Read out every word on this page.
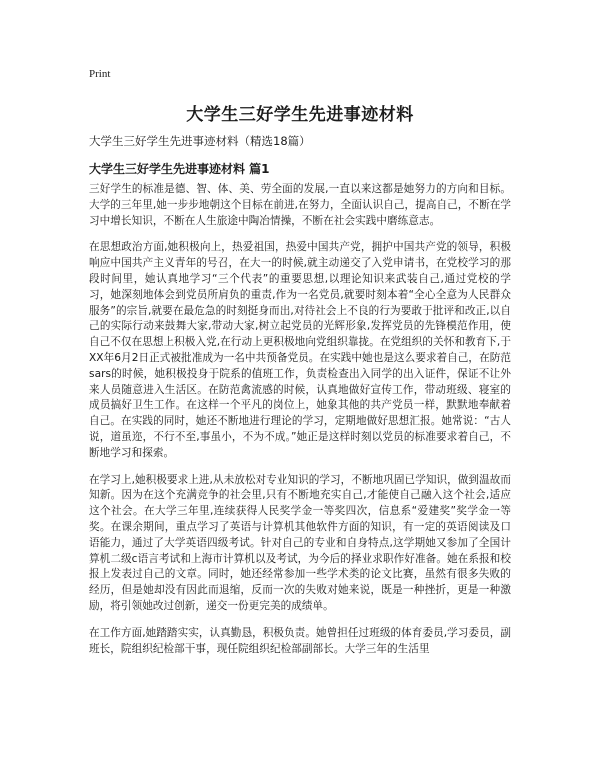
Print
大学生三好学生先进事迹材料
大学生三好学生先进事迹材料（精选18篇）
大学生三好学生先进事迹材料 篇1

三好学生的标准是德、智、体、美、劳全面的发展,一直以来这都是她努力的方向和目标。大学的三年里,她一步步地朝这个目标在前进,在努力，全面认识自己，提高自己，不断在学习中增长知识，不断在人生旅途中陶冶情操，不断在社会实践中磨练意志。

在思想政治方面,她积极向上，热爱祖国，热爱中国共产党，拥护中国共产党的领导，积极响应中国共产主义青年的号召，在大一的时候,就主动递交了入党申请书，在党校学习的那段时间里，她认真地学习“三个代表”的重要思想,以理论知识来武装自己,通过党校的学习，她深刻地体会到党员所肩负的重责,作为一名党员,就要时刻本着“全心全意为人民群众服务”的宗旨,就要在最危急的时刻挺身而出,对待社会上不良的行为要敢于批评和改正,以自己的实际行动来鼓舞大家,带动大家,树立起党员的光辉形象,发挥党员的先锋模范作用，使自己不仅在思想上积极入党,在行动上更积极地向党组织靠拢。在党组织的关怀和教育下,于XX年6月2日正式被批准成为一名中共预备党员。在实践中她也是这么要求着自己，在防范sars的时候，她积极投身于院系的值班工作，负责检查出入同学的出入证件，保证不让外来人员随意进入生活区。在防范禽流感的时候，认真地做好宣传工作，带动班级、寝室的成员搞好卫生工作。在这样一个平凡的岗位上，她象其他的共产党员一样，默默地奉献着自己。在实践的同时，她还不断地进行理论的学习，定期地做好思想汇报。她常说：“古人说，道虽迩，不行不至,事虽小，不为不成。”她正是这样时刻以党员的标准要求着自己，不断地学习和探索。

在学习上,她积极要求上进,从未放松对专业知识的学习，不断地巩固已学知识，做到温故而知新。因为在这个充满竞争的社会里,只有不断地充实自己,才能使自己融入这个社会,适应这个社会。在大学三年里,连续获得人民奖学金一等奖四次，信息系“爱建奖”奖学金一等奖。在课余期间，重点学习了英语与计算机其他软件方面的知识，有一定的英语阅读及口语能力，通过了大学英语四级考试。针对自己的专业和自身特点,这学期她又参加了全国计算机二级c语言考试和上海市计算机以及考试，为今后的择业求职作好准备。她在系报和校报上发表过自己的文章。同时，她还经常参加一些学术类的论文比赛，虽然有很多失败的经历，但是她却没有因此而退缩，反而一次的失败对她来说，既是一种挫折，更是一种激励，将引领她改过创新，递交一份更完美的成绩单。

在工作方面,她踏踏实实，认真勤恳，积极负责。她曾担任过班级的体育委员,学习委员，副班长，院组织纪检部干事，现任院组织纪检部副部长。大学三年的生活里
